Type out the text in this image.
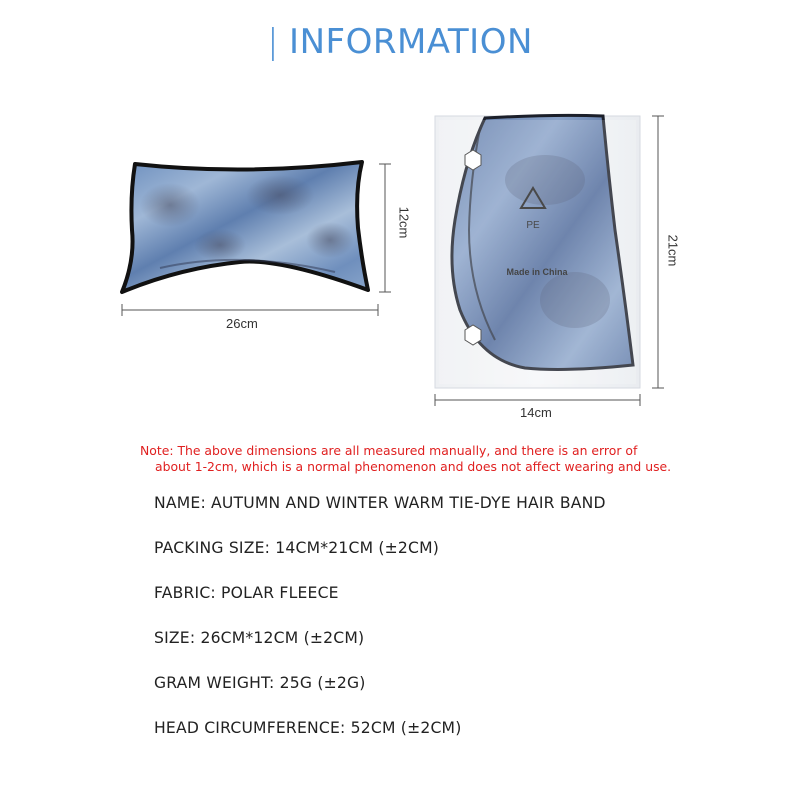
| INFORMATION
26cm
12cm	PE
Made in China
14cm
21cm
Note: The above dimensions are all measured manually, and there is an error of
about 1-2cm, which is a normal phenomenon and does not affect wearing and use.
NAME: AUTUMN AND WINTER WARM TIE-DYE HAIR BAND
PACKING SIZE: 14CM*21CM (±2CM)
FABRIC: POLAR FLEECE
SIZE: 26CM*12CM (±2CM)
GRAM WEIGHT: 25G (±2G)
HEAD CIRCUMFERENCE: 52CM (±2CM)
